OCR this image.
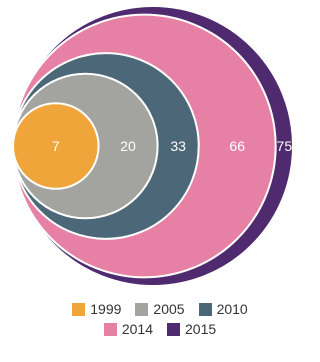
7	20 33	66 75
1999 2005 2010
2014 2015
